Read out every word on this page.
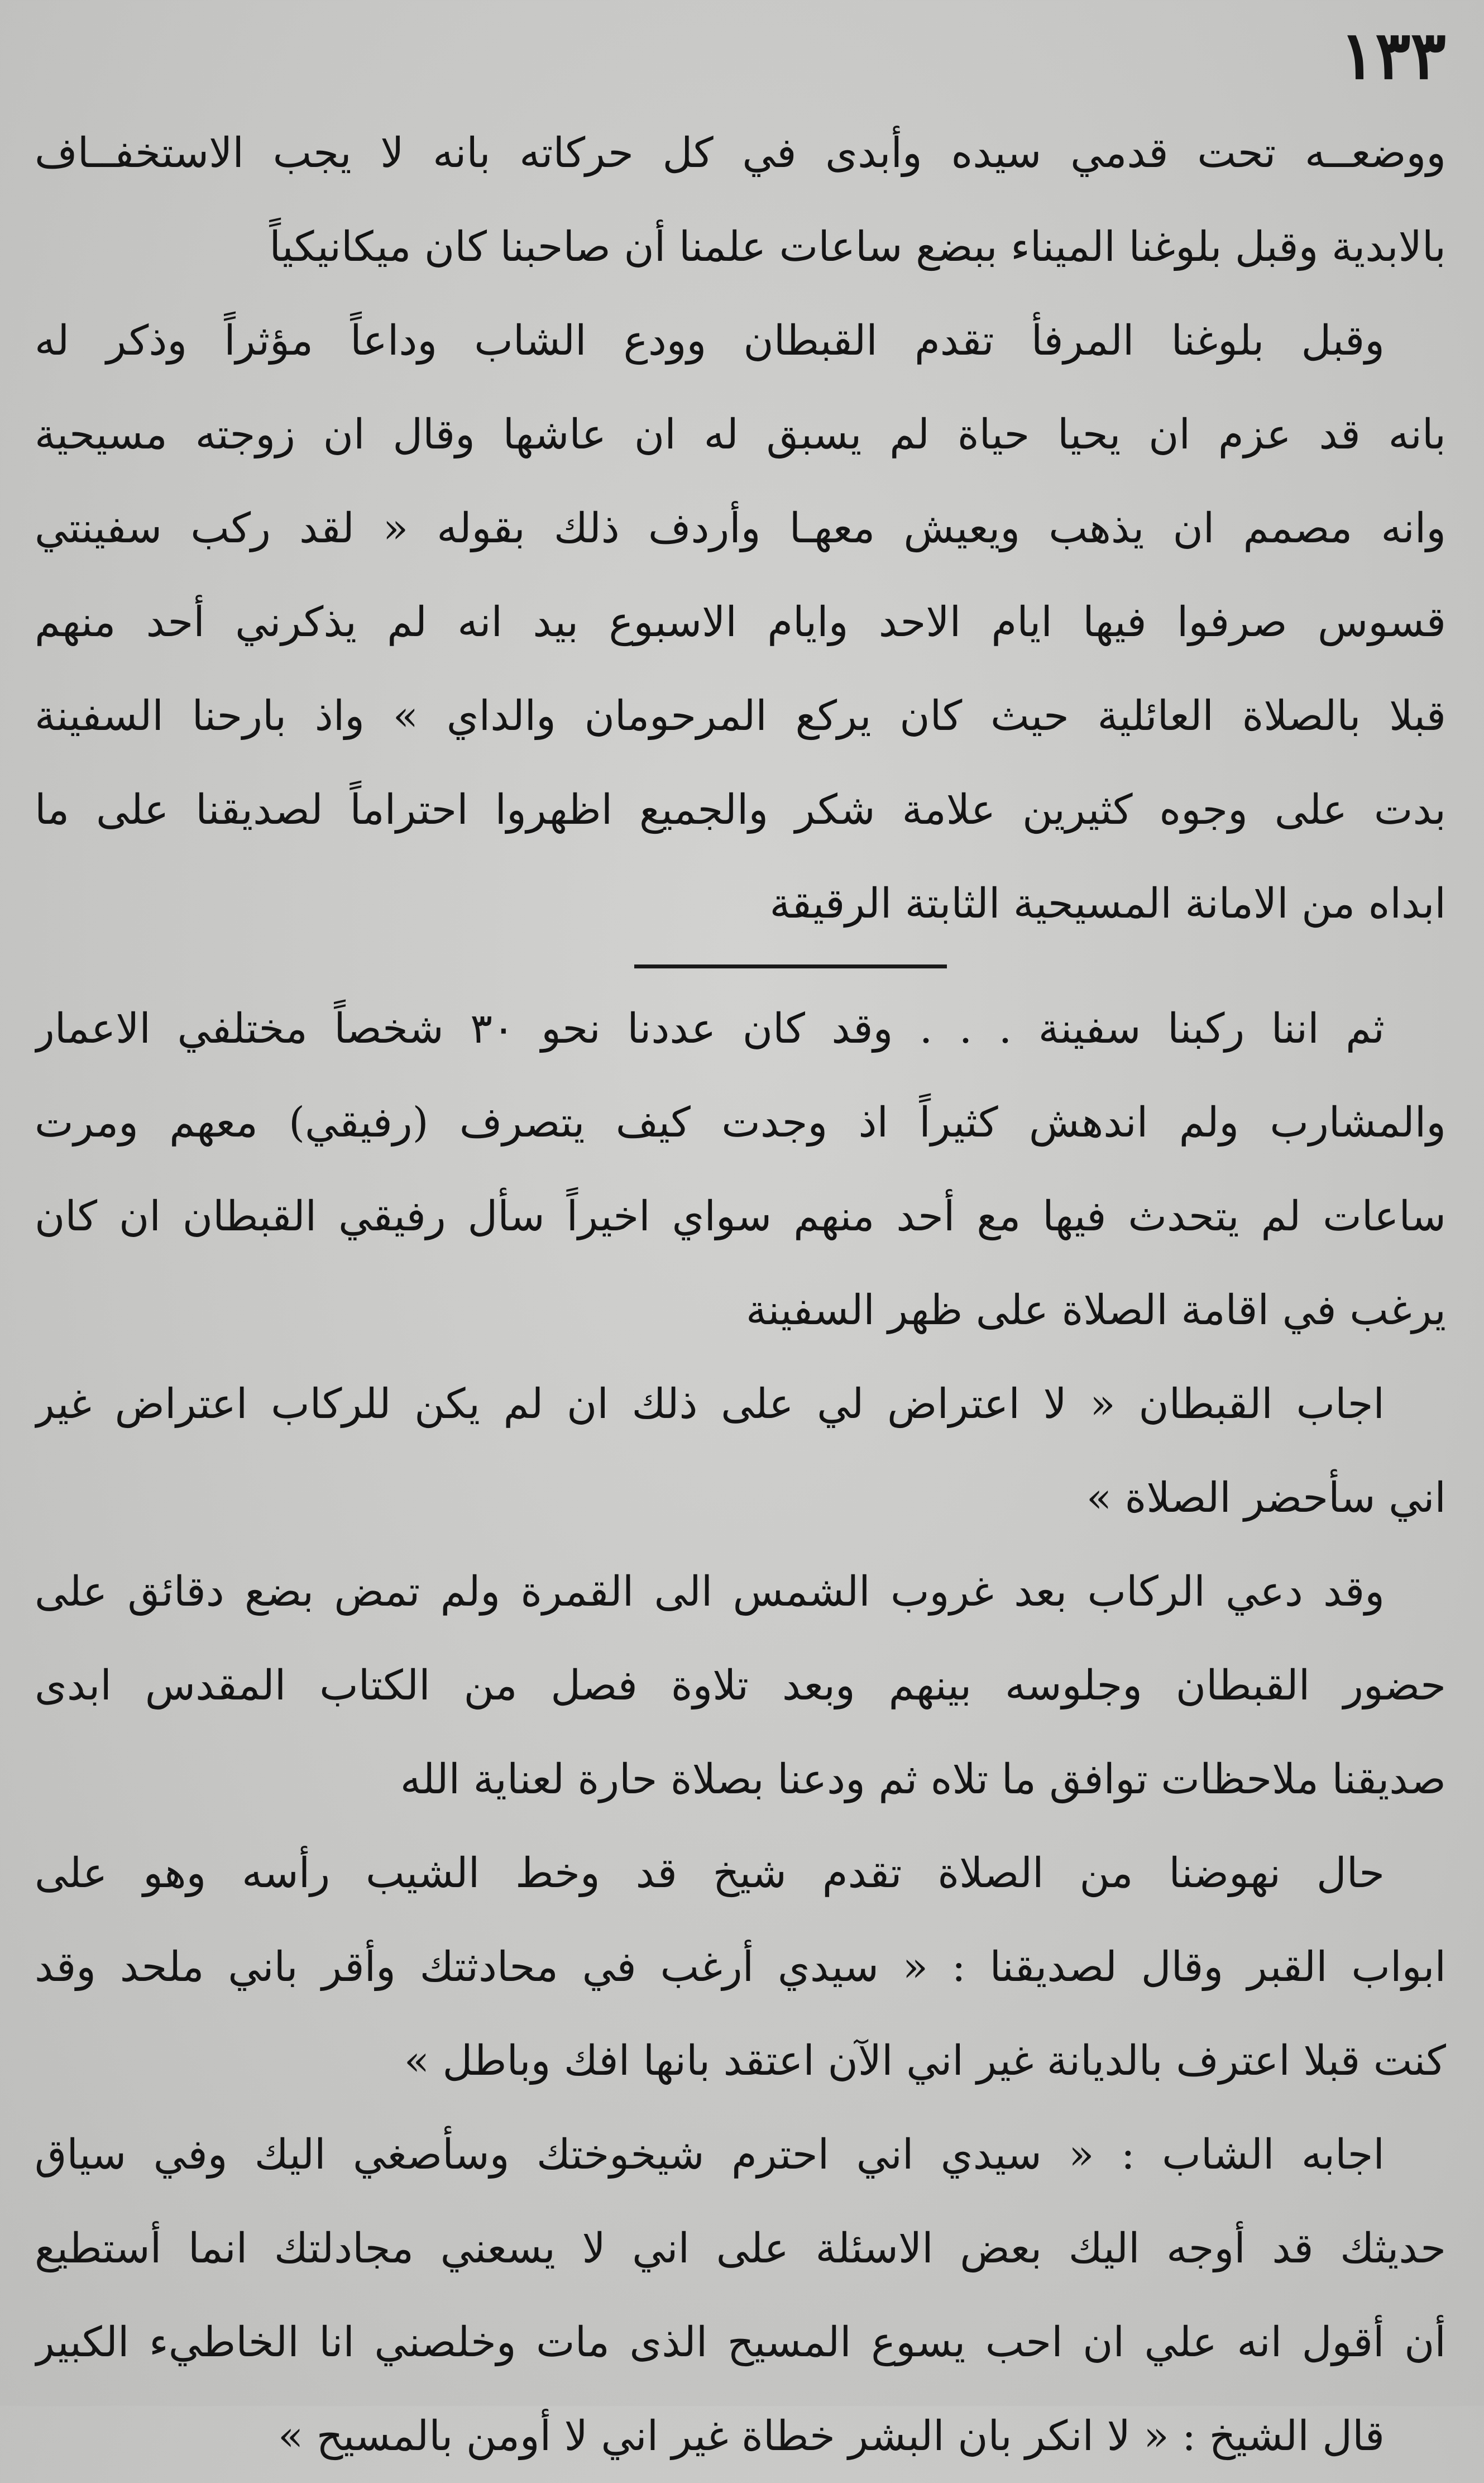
١٣٣
ووضعــه تحت قدمي سيده وأبدى في كل حركاته بانه لا يجب الاستخفــاف
بالابدية وقبل بلوغنا الميناء ببضع ساعات علمنا أن صاحبنا كان ميكانيكياً
وقبل بلوغنا المرفأ تقدم القبطان وودع الشاب وداعاً مؤثراً وذكر له
بانه قد عزم ان يحيا حياة لم يسبق له ان عاشها وقال ان زوجته مسيحية
وانه مصمم ان يذهب ويعيش معهـا وأردف ذلك بقوله « لقد ركب سفينتي
قسوس صرفوا فيها ايام الاحد وايام الاسبوع بيد انه لم يذكرني أحد منهم
قبلا بالصلاة العائلية حيث كان يركع المرحومان والداي » واذ بارحنا السفينة
بدت على وجوه كثيرين علامة شكر والجميع اظهروا احتراماً لصديقنا على ما
ابداه من الامانة المسيحية الثابتة الرقيقة
ثم اننا ركبنا سفينة . . . وقد كان عددنا نحو ٣٠ شخصاً مختلفي الاعمار
والمشارب ولم اندهش كثيراً اذ وجدت كيف يتصرف (رفيقي) معهم ومرت
ساعات لم يتحدث فيها مع أحد منهم سواي اخيراً سأل رفيقي القبطان ان كان
يرغب في اقامة الصلاة على ظهر السفينة
اجاب القبطان « لا اعتراض لي على ذلك ان لم يكن للركاب اعتراض غير
اني سأحضر الصلاة »
وقد دعي الركاب بعد غروب الشمس الى القمرة ولم تمض بضع دقائق على
حضور القبطان وجلوسه بينهم وبعد تلاوة فصل من الكتاب المقدس ابدى
صديقنا ملاحظات توافق ما تلاه ثم ودعنا بصلاة حارة لعناية الله
حال نهوضنا من الصلاة تقدم شيخ قد وخط الشيب رأسه وهو على
ابواب القبر وقال لصديقنا : « سيدي أرغب في محادثتك وأقر باني ملحد وقد
كنت قبلا اعترف بالديانة غير اني الآن اعتقد بانها افك وباطل »
اجابه الشاب : « سيدي اني احترم شيخوختك وسأصغي اليك وفي سياق
حديثك قد أوجه اليك بعض الاسئلة على اني لا يسعني مجادلتك انما أستطيع
أن أقول انه علي ان احب يسوع المسيح الذى مات وخلصني انا الخاطيء الكبير
قال الشيخ : « لا انكر بان البشر خطاة غير اني لا أومن بالمسيح »
